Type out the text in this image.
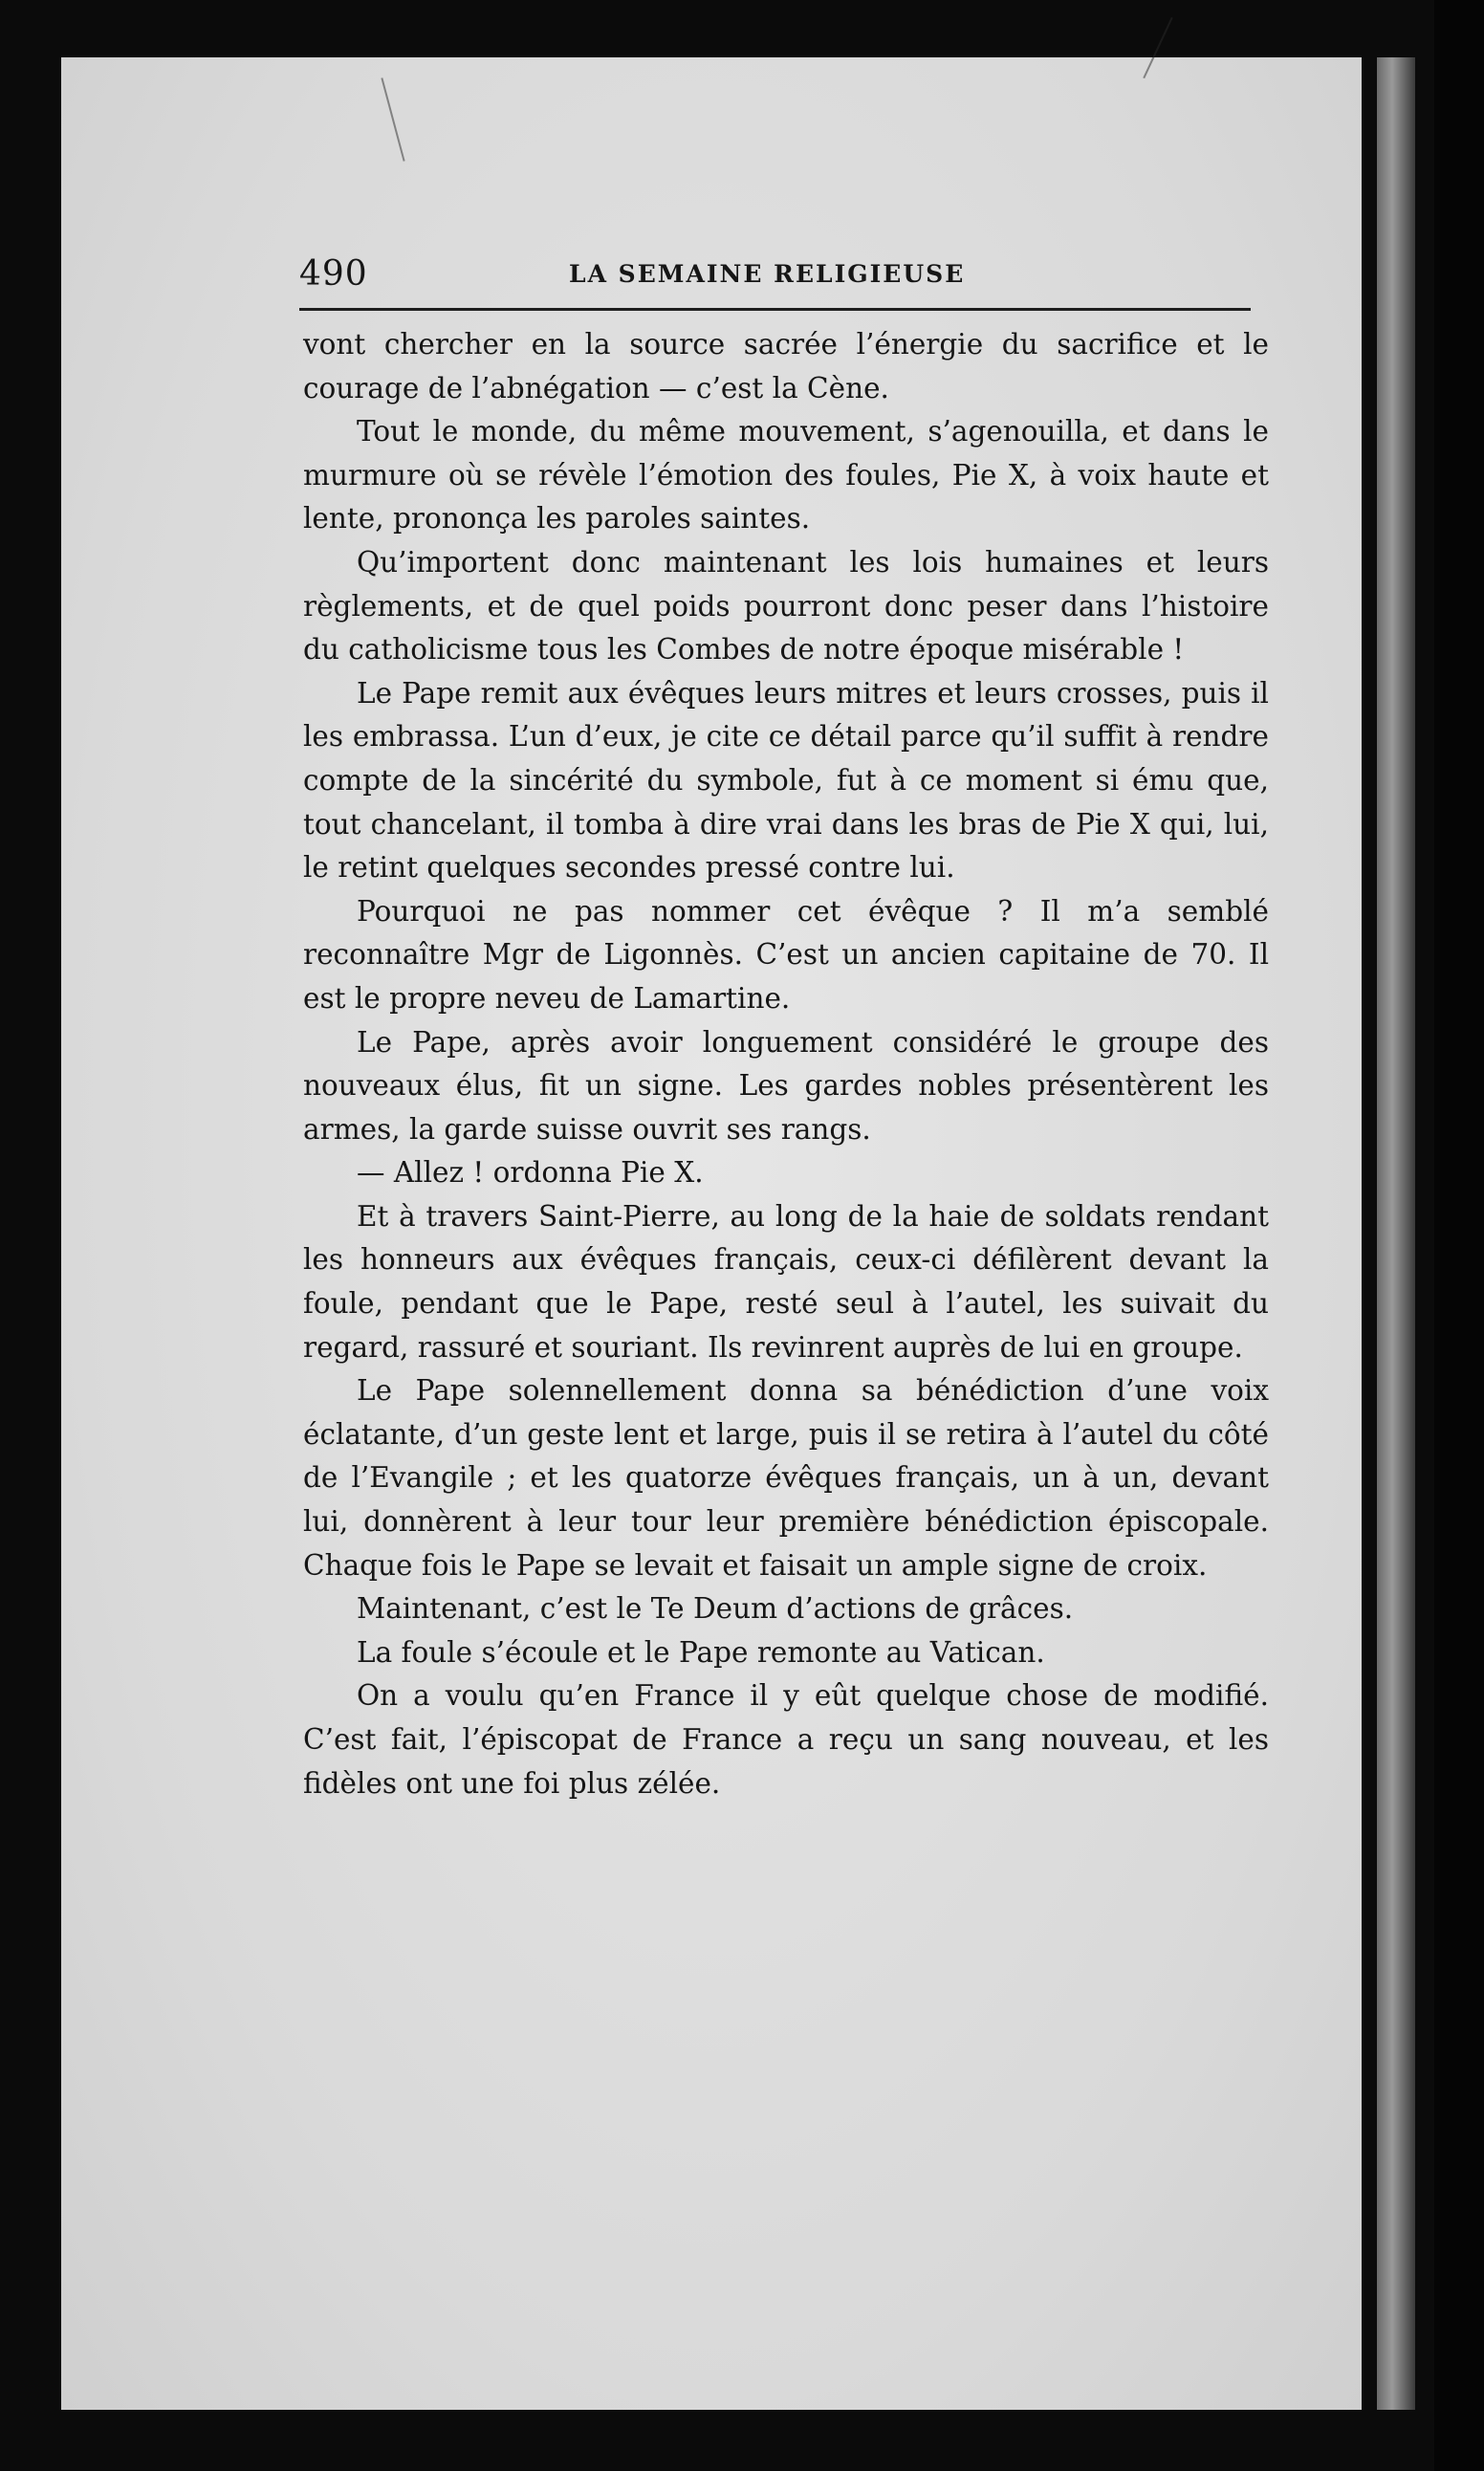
490	LA SEMAINE RELIGIEUSE

vont chercher en la source sacrée l’énergie du sacrifice et le courage de l’abnégation — c’est la Cène.

Tout le monde, du même mouvement, s’agenouilla, et dans le murmure où se révèle l’émotion des foules, Pie X, à voix haute et lente, prononça les paroles saintes.

Qu’importent donc maintenant les lois humaines et leurs règlements, et de quel poids pourront donc peser dans l’histoire du catholicisme tous les Combes de notre époque misérable !

Le Pape remit aux évêques leurs mitres et leurs crosses, puis il les embrassa. L’un d’eux, je cite ce détail parce qu’il suffit à rendre compte de la sincérité du symbole, fut à ce moment si ému que, tout chancelant, il tomba à dire vrai dans les bras de Pie X qui, lui, le retint quelques secondes pressé contre lui.

Pourquoi ne pas nommer cet évêque ? Il m’a semblé reconnaître Mgr de Ligonnès. C’est un ancien capitaine de 70. Il est le propre neveu de Lamartine.

Le Pape, après avoir longuement considéré le groupe des nouveaux élus, fit un signe. Les gardes nobles présentèrent les armes, la garde suisse ouvrit ses rangs.

— Allez ! ordonna Pie X.

Et à travers Saint-Pierre, au long de la haie de soldats rendant les honneurs aux évêques français, ceux-ci défilèrent devant la foule, pendant que le Pape, resté seul à l’autel, les suivait du regard, rassuré et souriant. Ils revinrent auprès de lui en groupe.

Le Pape solennellement donna sa bénédiction d’une voix éclatante, d’un geste lent et large, puis il se retira à l’autel du côté de l’Evangile ; et les quatorze évêques français, un à un, devant lui, donnèrent à leur tour leur première bénédiction épiscopale. Chaque fois le Pape se levait et faisait un ample signe de croix.

Maintenant, c’est le Te Deum d’actions de grâces.

La foule s’écoule et le Pape remonte au Vatican.

On a voulu qu’en France il y eût quelque chose de modifié. C’est fait, l’épiscopat de France a reçu un sang nouveau, et les fidèles ont une foi plus zélée.
